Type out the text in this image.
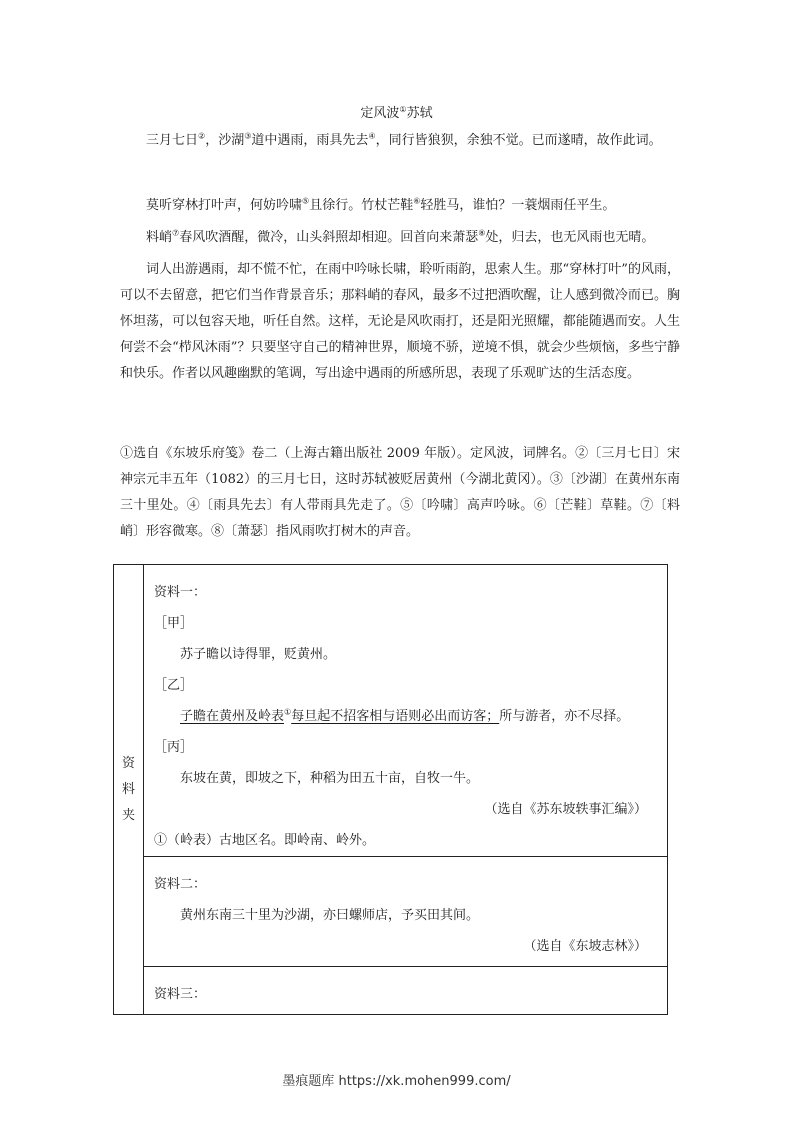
定风波①苏轼
三月七日②，沙湖③道中遇雨，雨具先去④，同行皆狼狈，余独不觉。已而遂晴，故作此词。
莫听穿林打叶声，何妨吟啸⑤且徐行。竹杖芒鞋⑥轻胜马，谁怕？一蓑烟雨任平生。
料峭⑦春风吹酒醒，微冷，山头斜照却相迎。回首向来萧瑟⑧处，归去，也无风雨也无晴。
词人出游遇雨，却不慌不忙，在雨中吟咏长啸，聆听雨韵，思索人生。那“穿林打叶”的风雨，可以不去留意，把它们当作背景音乐；那料峭的春风，最多不过把酒吹醒，让人感到微冷而已。胸怀坦荡，可以包容天地，听任自然。这样，无论是风吹雨打，还是阳光照耀，都能随遇而安。人生何尝不会“栉风沐雨”？只要坚守自己的精神世界，顺境不骄，逆境不惧，就会少些烦恼，多些宁静和快乐。作者以风趣幽默的笔调，写出途中遇雨的所感所思，表现了乐观旷达的生活态度。
①选自《东坡乐府笺》卷二（上海古籍出版社 2009 年版）。定风波，词牌名。②〔三月七日〕宋神宗元丰五年（1082）的三月七日，这时苏轼被贬居黄州（今湖北黄冈）。③〔沙湖〕在黄州东南三十里处。④〔雨具先去〕有人带雨具先走了。⑤〔吟啸〕高声吟咏。⑥〔芒鞋〕草鞋。⑦〔料峭〕形容微寒。⑧〔萧瑟〕指风雨吹打树木的声音。
资
料
夹

资料一：
［甲］
苏子瞻以诗得罪，贬黄州。
［乙］
子瞻在黄州及岭表①每旦起不招客相与语则必出而访客；所与游者，亦不尽择。
［丙］
东坡在黄，即坡之下，种稻为田五十亩，自牧一牛。
（选自《苏东坡轶事汇编》）
①（岭表）古地区名。即岭南、岭外。

资料二：
黄州东南三十里为沙湖，亦曰螺师店，予买田其间。
（选自《东坡志林》）

资料三：
墨痕题库 https://xk.mohen999.com/
